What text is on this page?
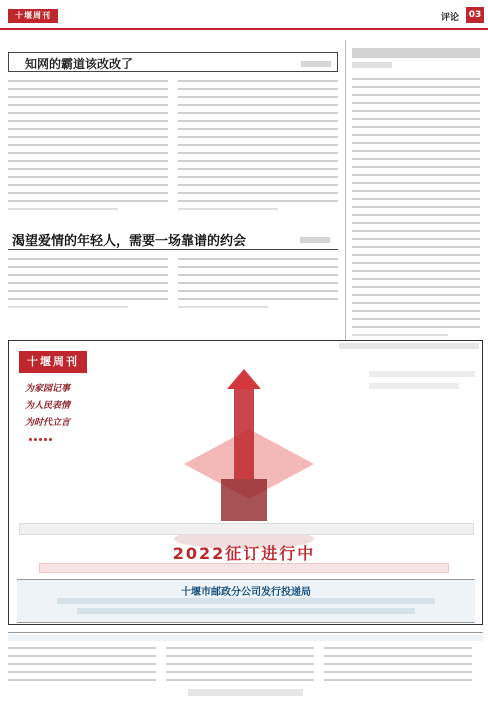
十堰周刊	评论	03
知网的霸道该改改了
渴望爱情的年轻人，需要一场靠谱的约会
十堰周刊
为家园记事
为人民表情
为时代立言
2022征订进行中
十堰市邮政分公司发行投递局
